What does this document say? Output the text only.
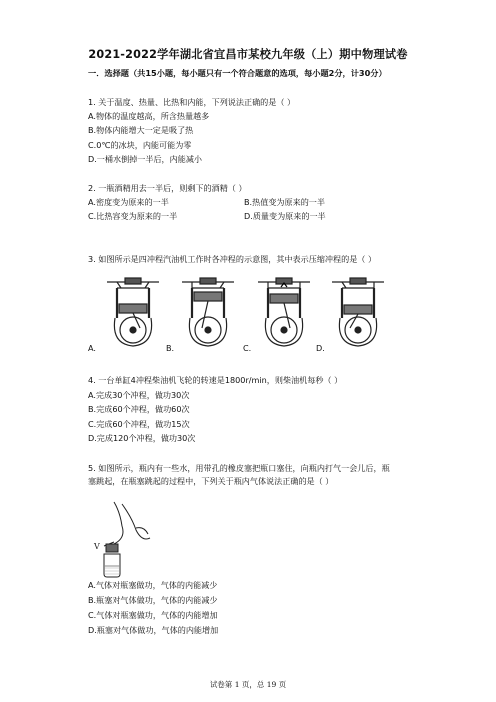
2021-2022学年湖北省宜昌市某校九年级（上）期中物理试卷
一．选择题（共15小题，每小题只有一个符合题意的选项，每小题2分，计30分）
1. 关于温度、热量、比热和内能，下列说法正确的是（ ）
A.物体的温度越高，所含热量越多
B.物体内能增大一定是吸了热
C.0℃的冰块，内能可能为零
D.一桶水倒掉一半后，内能减小
2. 一瓶酒精用去一半后，则剩下的酒精（ ）
A.密度变为原来的一半	B.热值变为原来的一半
C.比热容变为原来的一半	D.质量变为原来的一半
3. 如图所示是四冲程汽油机工作时各冲程的示意图，其中表示压缩冲程的是（ ）
A.	B.	C.	D.
4. 一台单缸4冲程柴油机飞轮的转速是1800r/min，则柴油机每秒（ ）
A.完成30个冲程，做功30次
B.完成60个冲程，做功60次
C.完成60个冲程，做功15次
D.完成120个冲程，做功30次
5. 如图所示，瓶内有一些水，用带孔的橡皮塞把瓶口塞住，向瓶内打气一会儿后，瓶
塞跳起，在瓶塞跳起的过程中，下列关于瓶内气体说法正确的是（ ）
V
A.气体对瓶塞做功，气体的内能减少
B.瓶塞对气体做功，气体的内能减少
C.气体对瓶塞做功，气体的内能增加
D.瓶塞对气体做功，气体的内能增加
试卷第 1 页，总 19 页
